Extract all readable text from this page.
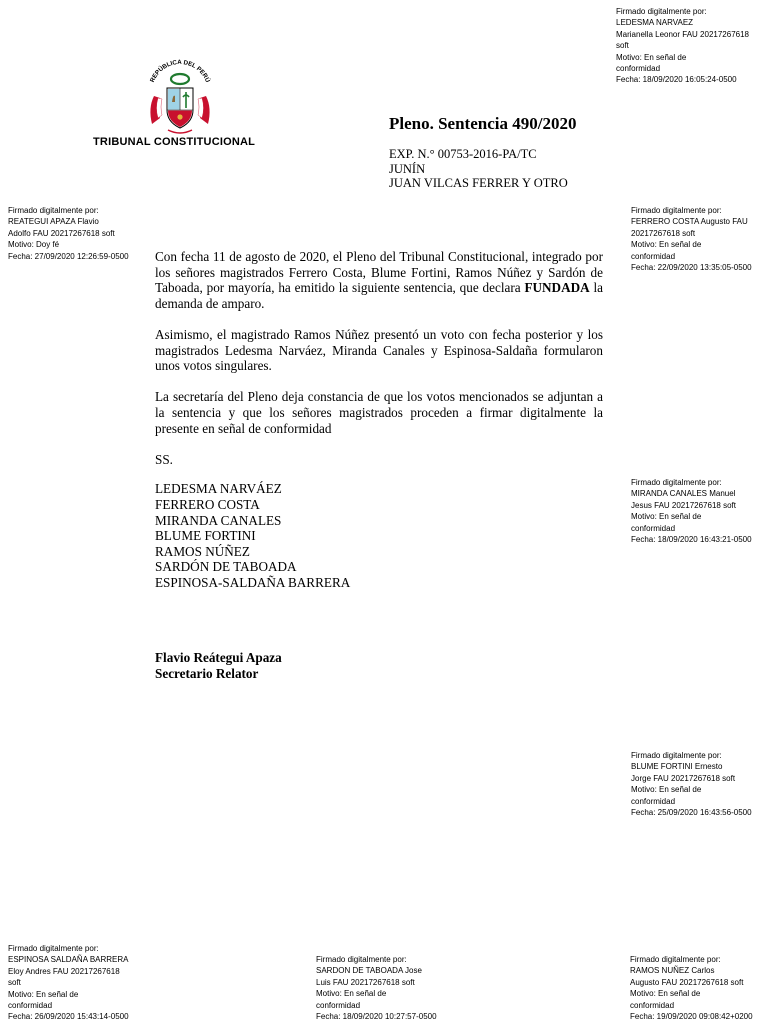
Firmado digitalmente por:
LEDESMA NARVAEZ
Marianella Leonor FAU 20217267618
soft
Motivo: En señal de
conformidad
Fecha: 18/09/2020 16:05:24-0500
Firmado digitalmente por:
REATEGUI APAZA Flavio
Adolfo FAU 20217267618 soft
Motivo: Doy fé
Fecha: 27/09/2020 12:26:59-0500
Firmado digitalmente por:
FERRERO COSTA Augusto FAU
20217267618 soft
Motivo: En señal de
conformidad
Fecha: 22/09/2020 13:35:05-0500
Firmado digitalmente por:
MIRANDA CANALES Manuel
Jesus FAU 20217267618 soft
Motivo: En señal de
conformidad
Fecha: 18/09/2020 16:43:21-0500
Firmado digitalmente por:
BLUME FORTINI Ernesto
Jorge FAU 20217267618 soft
Motivo: En señal de
conformidad
Fecha: 25/09/2020 16:43:56-0500
Firmado digitalmente por:
ESPINOSA SALDAÑA BARRERA
Eloy Andres FAU 20217267618
soft
Motivo: En señal de
conformidad
Fecha: 26/09/2020 15:43:14-0500
Firmado digitalmente por:
SARDON DE TABOADA Jose
Luis FAU 20217267618 soft
Motivo: En señal de
conformidad
Fecha: 18/09/2020 10:27:57-0500
Firmado digitalmente por:
RAMOS NUÑEZ Carlos
Augusto FAU 20217267618 soft
Motivo: En señal de
conformidad
Fecha: 19/09/2020 09:08:42+0200
REPÚBLICA DEL PERÚ
TRIBUNAL CONSTITUCIONAL
Pleno. Sentencia 490/2020
EXP. N.° 00753-2016-PA/TC
JUNÍN
JUAN VILCAS FERRER Y OTRO

Con fecha 11 de agosto de 2020, el Pleno del Tribunal Constitucional, integrado por los señores magistrados Ferrero Costa, Blume Fortini, Ramos Núñez y Sardón de Taboada, por mayoría, ha emitido la siguiente sentencia, que declara FUNDADA la demanda de amparo.

Asimismo, el magistrado Ramos Núñez presentó un voto con fecha posterior y los magistrados Ledesma Narváez, Miranda Canales y Espinosa-Saldaña formularon unos votos singulares.

La secretaría del Pleno deja constancia de que los votos mencionados se adjuntan a la sentencia y que los señores magistrados proceden a firmar digitalmente la presente en señal de conformidad

SS.

LEDESMA NARVÁEZ
FERRERO COSTA
MIRANDA CANALES
BLUME FORTINI
RAMOS NÚÑEZ
SARDÓN DE TABOADA
ESPINOSA-SALDAÑA BARRERA
Flavio Reátegui Apaza
Secretario Relator
